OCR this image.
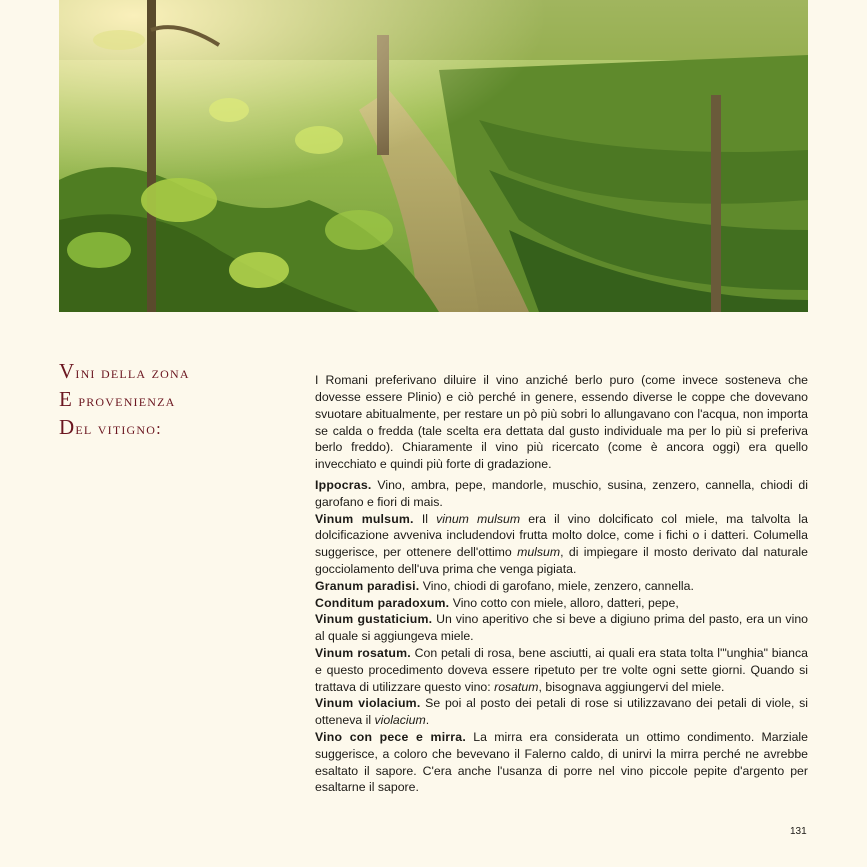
Vini della zona
E provenienza
Del vitigno:

I Romani preferivano diluire il vino anziché berlo puro (come invece sosteneva che dovesse essere Plinio) e ciò perché in genere, essendo diverse le coppe che dovevano svuotare abitualmente, per restare un pò più sobri lo allungavano con l'acqua, non importa se calda o fredda (tale scelta era dettata dal gusto individuale ma per lo più si preferiva berlo freddo). Chiaramente il vino più ricercato (come è ancora oggi) era quello invecchiato e quindi più forte di gradazione.

Ippocras. Vino, ambra, pepe, mandorle, muschio, susina, zenzero, cannella, chiodi di garofano e fiori di mais.

Vinum mulsum. Il vinum mulsum era il vino dolcificato col miele, ma talvolta la dolcificazione avveniva includendovi frutta molto dolce, come i fichi o i datteri. Columella suggerisce, per ottenere dell'ottimo mulsum, di impiegare il mosto derivato dal naturale gocciolamento dell'uva prima che venga pigiata.

Granum paradisi. Vino, chiodi di garofano, miele, zenzero, cannella.

Conditum paradoxum. Vino cotto con miele, alloro, datteri, pepe,

Vinum gustaticium. Un vino aperitivo che si beve a digiuno prima del pasto, era un vino al quale si aggiungeva miele.

Vinum rosatum. Con petali di rosa, bene asciutti, ai quali era stata tolta l'"unghia" bianca e questo procedimento doveva essere ripetuto per tre volte ogni sette giorni. Quando si trattava di utilizzare questo vino: rosatum, bisognava aggiungervi del miele.

Vinum violacium. Se poi al posto dei petali di rose si utilizzavano dei petali di viole, si otteneva il violacium.

Vino con pece e mirra. La mirra era considerata un ottimo condimento. Marziale suggerisce, a coloro che bevevano il Falerno caldo, di unirvi la mirra perché ne avrebbe esaltato il sapore. C'era anche l'usanza di porre nel vino piccole pepite d'argento per esaltarne il sapore.

131
